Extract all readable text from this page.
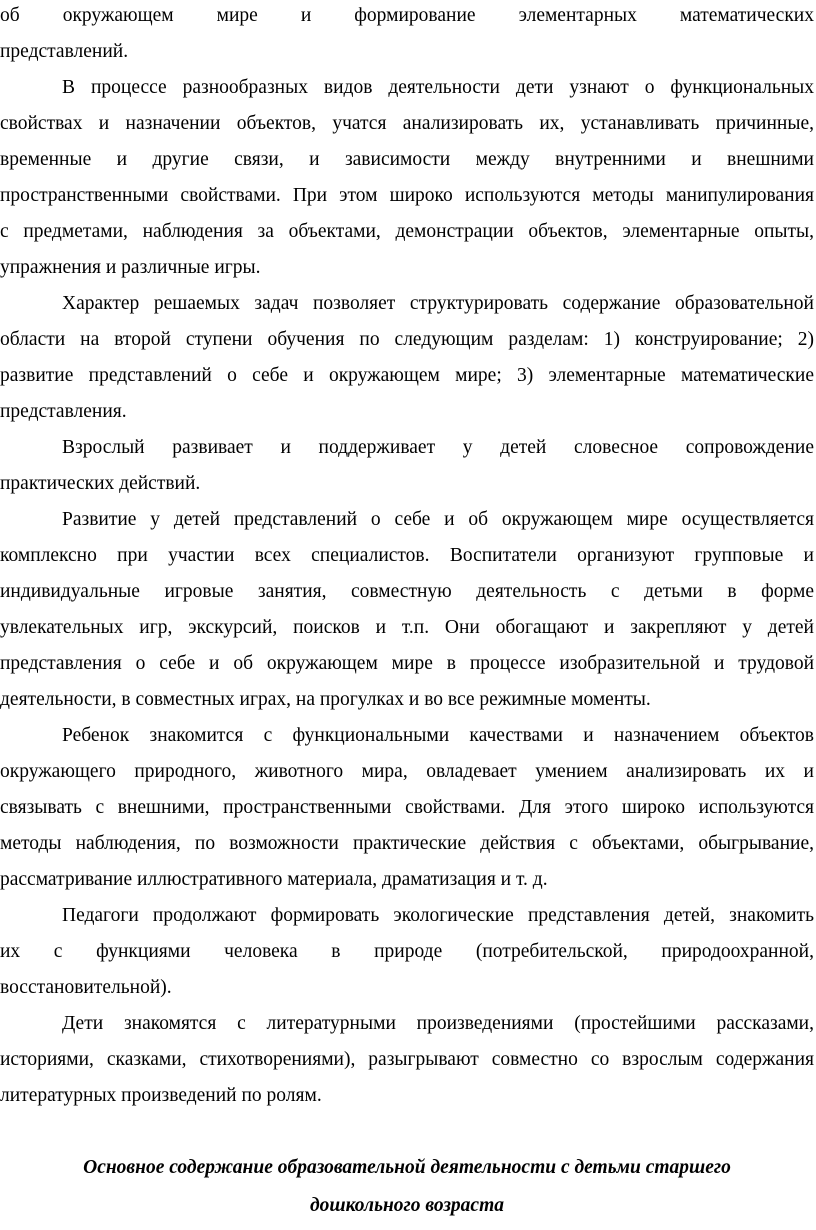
об окружающем мире и формирование элементарных математических
представлений.
В процессе разнообразных видов деятельности дети узнают о функциональных
свойствах и назначении объектов, учатся анализировать их, устанавливать причинные,
временные и другие связи, и зависимости между внутренними и внешними
пространственными свойствами. При этом широко используются методы манипулирования
с предметами, наблюдения за объектами, демонстрации объектов, элементарные опыты,
упражнения и различные игры.
Характер решаемых задач позволяет структурировать содержание образовательной
области на второй ступени обучения по следующим разделам: 1) конструирование; 2)
развитие представлений о себе и окружающем мире; 3) элементарные математические
представления.
Взрослый развивает и поддерживает у детей словесное сопровождение
практических действий.
Развитие у детей представлений о себе и об окружающем мире осуществляется
комплексно при участии всех специалистов. Воспитатели организуют групповые и
индивидуальные игровые занятия, совместную деятельность с детьми в форме
увлекательных игр, экскурсий, поисков и т.п. Они обогащают и закрепляют у детей
представления о себе и об окружающем мире в процессе изобразительной и трудовой
деятельности, в совместных играх, на прогулках и во все режимные моменты.
Ребенок знакомится с функциональными качествами и назначением объектов
окружающего природного, животного мира, овладевает умением анализировать их и
связывать с внешними, пространственными свойствами. Для этого широко используются
методы наблюдения, по возможности практические действия с объектами, обыгрывание,
рассматривание иллюстративного материала, драматизация и т. д.
Педагоги продолжают формировать экологические представления детей, знакомить
их с функциями человека в природе (потребительской, природоохранной,
восстановительной).
Дети знакомятся с литературными произведениями (простейшими рассказами,
историями, сказками, стихотворениями), разыгрывают совместно со взрослым содержания
литературных произведений по ролям.
Основное содержание образовательной деятельности с детьми старшего
дошкольного возраста
